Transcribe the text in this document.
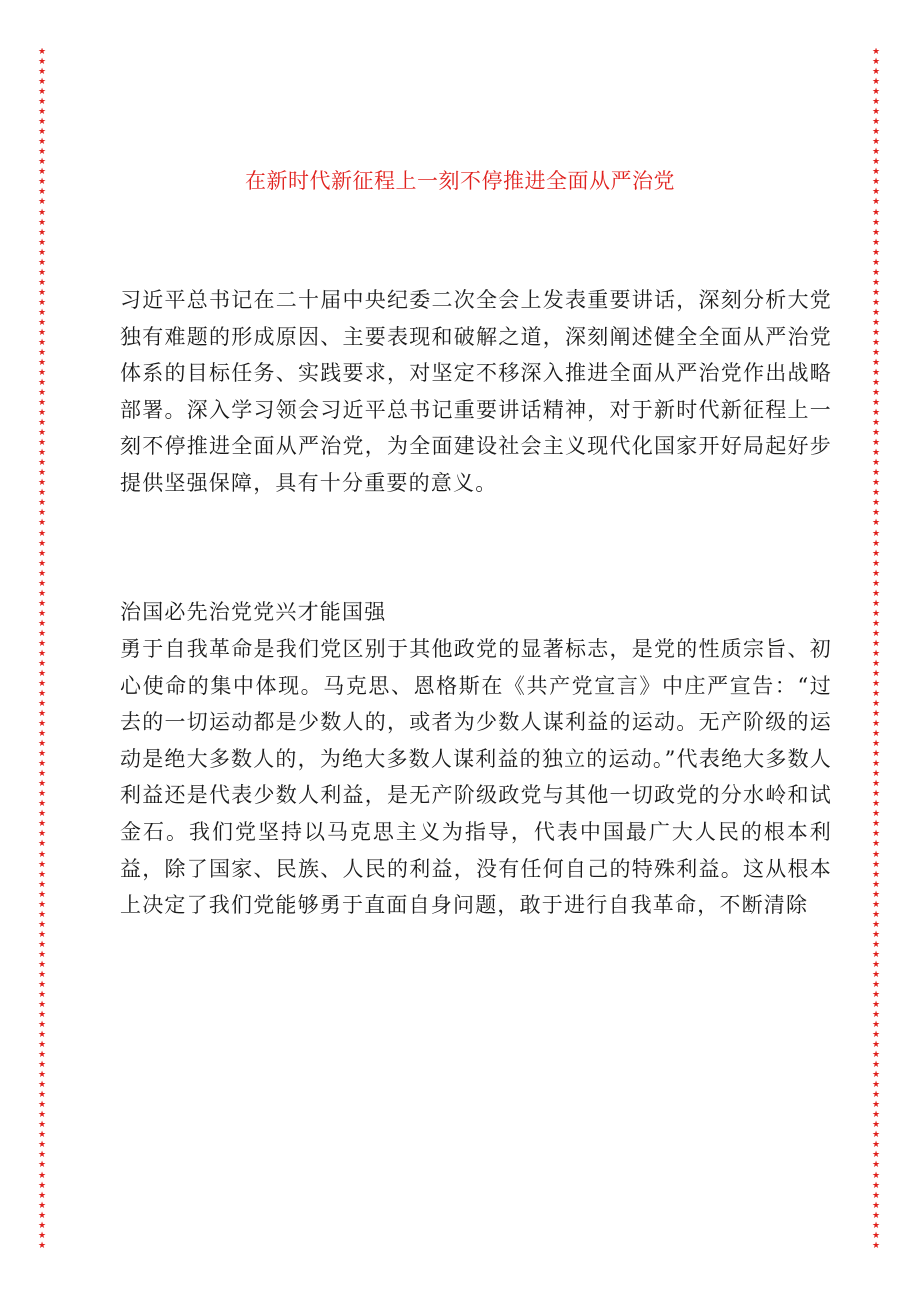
★
★
★
★
★
★
★
★
★
★
★
★
★
★
★
★
★
★
★
★
★
★
★
★
★
★
★
★
★
★
★
★
★
★
★
★
★
★
★
★
★
★
★
★
★
★
★
★
★
★
★
★
★
★
★
★
★
★
★
★
★
★
★
★
★
★
★
★
★
★
★
★
★
★
★
★
★
★
★
★
★
★
★
★
★
★
★
★
★
★
★
★
★
★
★
★
★
★
★
★
★
★
★
★
★
★
★
★
★
★
★
★
★
★
★
★
★
★
★
★
★
★
★
★
★
★
★
★
★
★
★
★
★
★
★
★
★
★
★
★
★
★
★
★
★
★
★
★
★
★
★
★
★
★
★
★
★
★
★
★
★
★
★
★
★
★
★
★
★
★
★
★
★
★
★
★
★
★
★
★
★
★
★
★
★
★
★
★
★
★
★
★
★
★
★
★
★
★
★
★
★
★
★
★
★
★
★
★
★
★
★
★
★
★
★
★
★
★
★
★
★
★
★
★
★
★
★
★
★
★
★
★
★
★
★
★
★
★
★
★
在新时代新征程上一刻不停推进全面从严治党

习近平总书记在二十届中央纪委二次全会上发表重要讲话，深刻分析大党独有难题的形成原因、主要表现和破解之道，深刻阐述健全全面从严治党体系的目标任务、实践要求，对坚定不移深入推进全面从严治党作出战略部署。深入学习领会习近平总书记重要讲话精神，对于新时代新征程上一刻不停推进全面从严治党，为全面建设社会主义现代化国家开好局起好步提供坚强保障，具有十分重要的意义。

治国必先治党党兴才能国强

勇于自我革命是我们党区别于其他政党的显著标志，是党的性质宗旨、初心使命的集中体现。马克思、恩格斯在《共产党宣言》中庄严宣告：“过去的一切运动都是少数人的，或者为少数人谋利益的运动。无产阶级的运动是绝大多数人的，为绝大多数人谋利益的独立的运动。”代表绝大多数人利益还是代表少数人利益，是无产阶级政党与其他一切政党的分水岭和试金石。我们党坚持以马克思主义为指导，代表中国最广大人民的根本利益，除了国家、民族、人民的利益，没有任何自己的特殊利益。这从根本上决定了我们党能够勇于直面自身问题，敢于进行自我革命，不断清除
